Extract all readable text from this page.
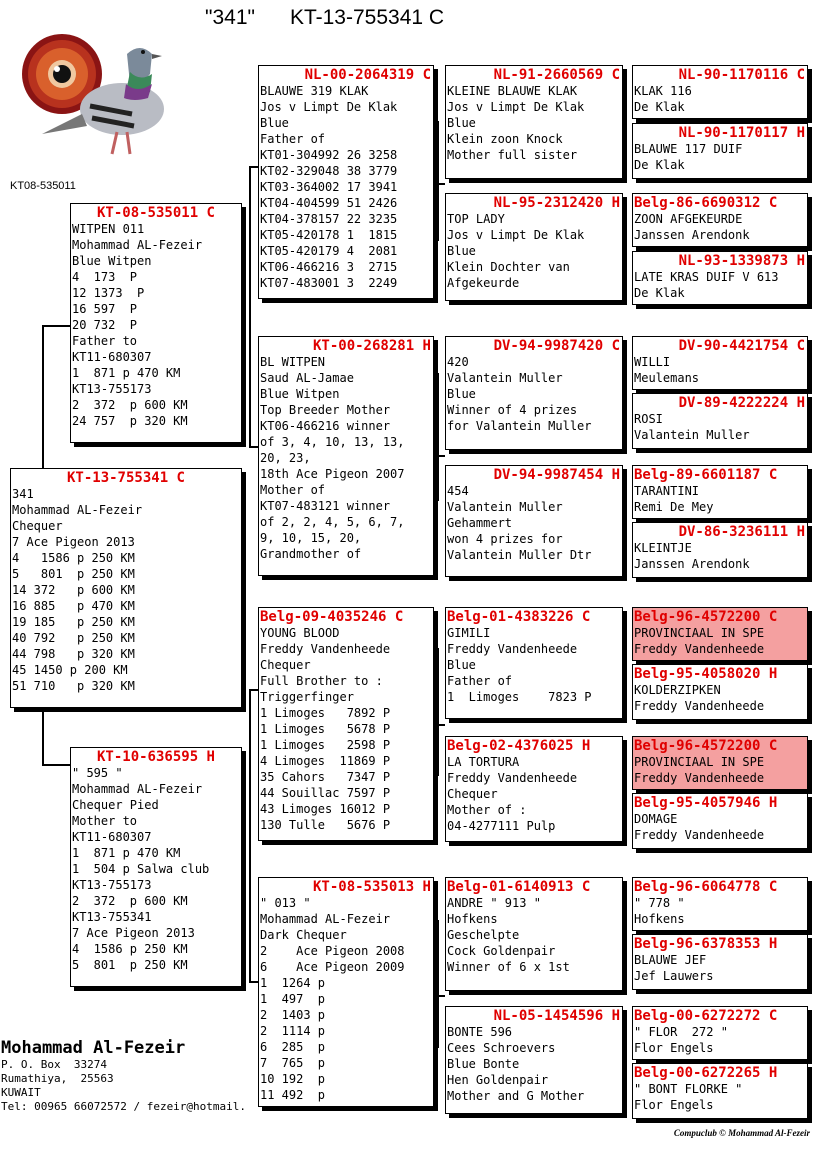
"341"      KT-13-755341 C
KT08-535011
KT-13-755341 C
341
Mohammad AL-Fezeir
Chequer
7 Ace Pigeon 2013
4   1586 p 250 KM
5   801  p 250 KM
14 372   p 600 KM
16 885   p 470 KM
19 185   p 250 KM
40 792   p 250 KM
44 798   p 320 KM
45 1450 p 200 KM
51 710   p 320 KM
KT-08-535011 C
WITPEN 011
Mohammad AL-Fezeir
Blue Witpen
4  173  P
12 1373  P
16 597  P
20 732  P
Father to
KT11-680307
1  871 p 470 KM
KT13-755173
2  372  p 600 KM
24 757  p 320 KM
KT-10-636595 H
" 595 "
Mohammad AL-Fezeir
Chequer Pied
Mother to
KT11-680307
1  871 p 470 KM
1  504 p Salwa club
KT13-755173
2  372  p 600 KM
KT13-755341
7 Ace Pigeon 2013
4  1586 p 250 KM
5  801  p 250 KM
NL-00-2064319 C
BLAUWE 319 KLAK
Jos v Limpt De Klak
Blue
Father of
KT01-304992 26 3258
KT02-329048 38 3779
KT03-364002 17 3941
KT04-404599 51 2426
KT04-378157 22 3235
KT05-420178 1  1815
KT05-420179 4  2081
KT06-466216 3  2715
KT07-483001 3  2249
KT-00-268281 H
BL WITPEN
Saud AL-Jamae
Blue Witpen
Top Breeder Mother
KT06-466216 winner
of 3, 4, 10, 13, 13,
20, 23,
18th Ace Pigeon 2007
Mother of
KT07-483121 winner
of 2, 2, 4, 5, 6, 7,
9, 10, 15, 20,
Grandmother of
Belg-09-4035246 C
YOUNG BLOOD
Freddy Vandenheede
Chequer
Full Brother to :
Triggerfinger
1 Limoges   7892 P
1 Limoges   5678 P
1 Limoges   2598 P
4 Limoges  11869 P
35 Cahors   7347 P
44 Souillac 7597 P
43 Limoges 16012 P
130 Tulle   5676 P
KT-08-535013 H
" 013 "
Mohammad AL-Fezeir
Dark Chequer
2    Ace Pigeon 2008
6    Ace Pigeon 2009
1  1264 p
1  497  p
2  1403 p
2  1114 p
6  285  p
7  765  p
10 192  p
11 492  p
NL-91-2660569 C
KLEINE BLAUWE KLAK
Jos v Limpt De Klak
Blue
Klein zoon Knock
Mother full sister
NL-95-2312420 H
TOP LADY
Jos v Limpt De Klak
Blue
Klein Dochter van
Afgekeurde
DV-94-9987420 C
420
Valantein Muller
Blue
Winner of 4 prizes
for Valantein Muller
DV-94-9987454 H
454
Valantein Muller
Gehammert
won 4 prizes for
Valantein Muller Dtr
Belg-01-4383226 C
GIMILI
Freddy Vandenheede
Blue
Father of
1  Limoges    7823 P
Belg-02-4376025 H
LA TORTURA
Freddy Vandenheede
Chequer
Mother of :
04-4277111 Pulp
Belg-01-6140913 C
ANDRE " 913 "
Hofkens
Geschelpte
Cock Goldenpair
Winner of 6 x 1st
NL-05-1454596 H
BONTE 596
Cees Schroevers
Blue Bonte
Hen Goldenpair
Mother and G Mother
NL-90-1170116 C
KLAK 116
De Klak
NL-90-1170117 H
BLAUWE 117 DUIF
De Klak
Belg-86-6690312 C
ZOON AFGEKEURDE
Janssen Arendonk
NL-93-1339873 H
LATE KRAS DUIF V 613
De Klak
DV-90-4421754 C
WILLI
Meulemans
DV-89-4222224 H
ROSI
Valantein Muller
Belg-89-6601187 C
TARANTINI
Remi De Mey
DV-86-3236111 H
KLEINTJE
Janssen Arendonk
Belg-96-4572200 C
PROVINCIAAL IN SPE
Freddy Vandenheede
Belg-95-4058020 H
KOLDERZIPKEN
Freddy Vandenheede
Belg-96-4572200 C
PROVINCIAAL IN SPE
Freddy Vandenheede
Belg-95-4057946 H
DOMAGE
Freddy Vandenheede
Belg-96-6064778 C
" 778 "
Hofkens
Belg-96-6378353 H
BLAUWE JEF
Jef Lauwers
Belg-00-6272272 C
" FLOR  272 "
Flor Engels
Belg-00-6272265 H
" BONT FLORKE "
Flor Engels
Mohammad Al-Fezeir
P. O. Box  33274
Rumathiya,  25563
KUWAIT
Tel: 00965 66072572 / fezeir@hotmail.
Compuclub © Mohammad Al-Fezeir
